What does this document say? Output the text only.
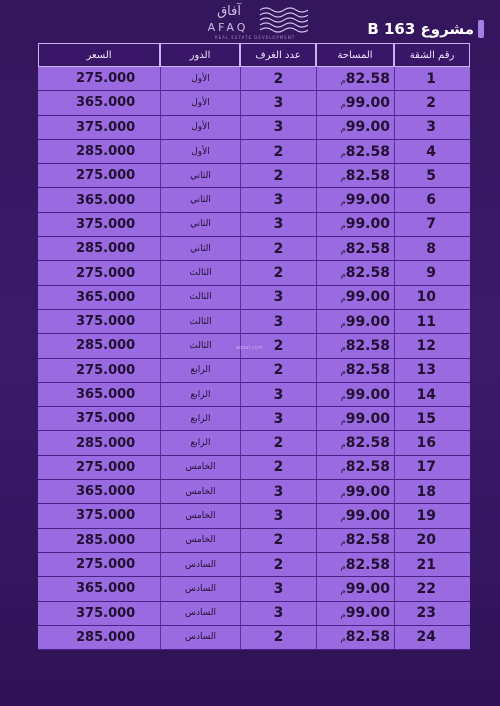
آفاق
AFAQ
REAL ESTATE DEVELOPMENT	مشروع B 163
رقم الشقة	المساحة	عدد الغرف	الدور	السعر
1	82.58م	2	الأول	275.000
2	99.00م	3	الأول	365.000
3	99.00م	3	الأول	375.000
4	82.58م	2	الأول	285.000
5	82.58م	2	الثاني	275.000
6	99.00م	3	الثاني	365.000
7	99.00م	3	الثاني	375.000
8	82.58م	2	الثاني	285.000
9	82.58م	2	الثالث	275.000
10	99.00م	3	الثالث	365.000
11	99.00م	3	الثالث	375.000
12	82.58م	2	الثالث	285.000
13	82.58م	2	الرابع	275.000
14	99.00م	3	الرابع	365.000
15	99.00م	3	الرابع	375.000
16	82.58م	2	الرابع	285.000
17	82.58م	2	الخامس	275.000
18	99.00م	3	الخامس	365.000
19	99.00م	3	الخامس	375.000
20	82.58م	2	الخامس	285.000
21	82.58م	2	السادس	275.000
22	99.00م	3	السادس	365.000
23	99.00م	3	السادس	375.000
24	82.58م	2	السادس	285.000
aqaat.com
